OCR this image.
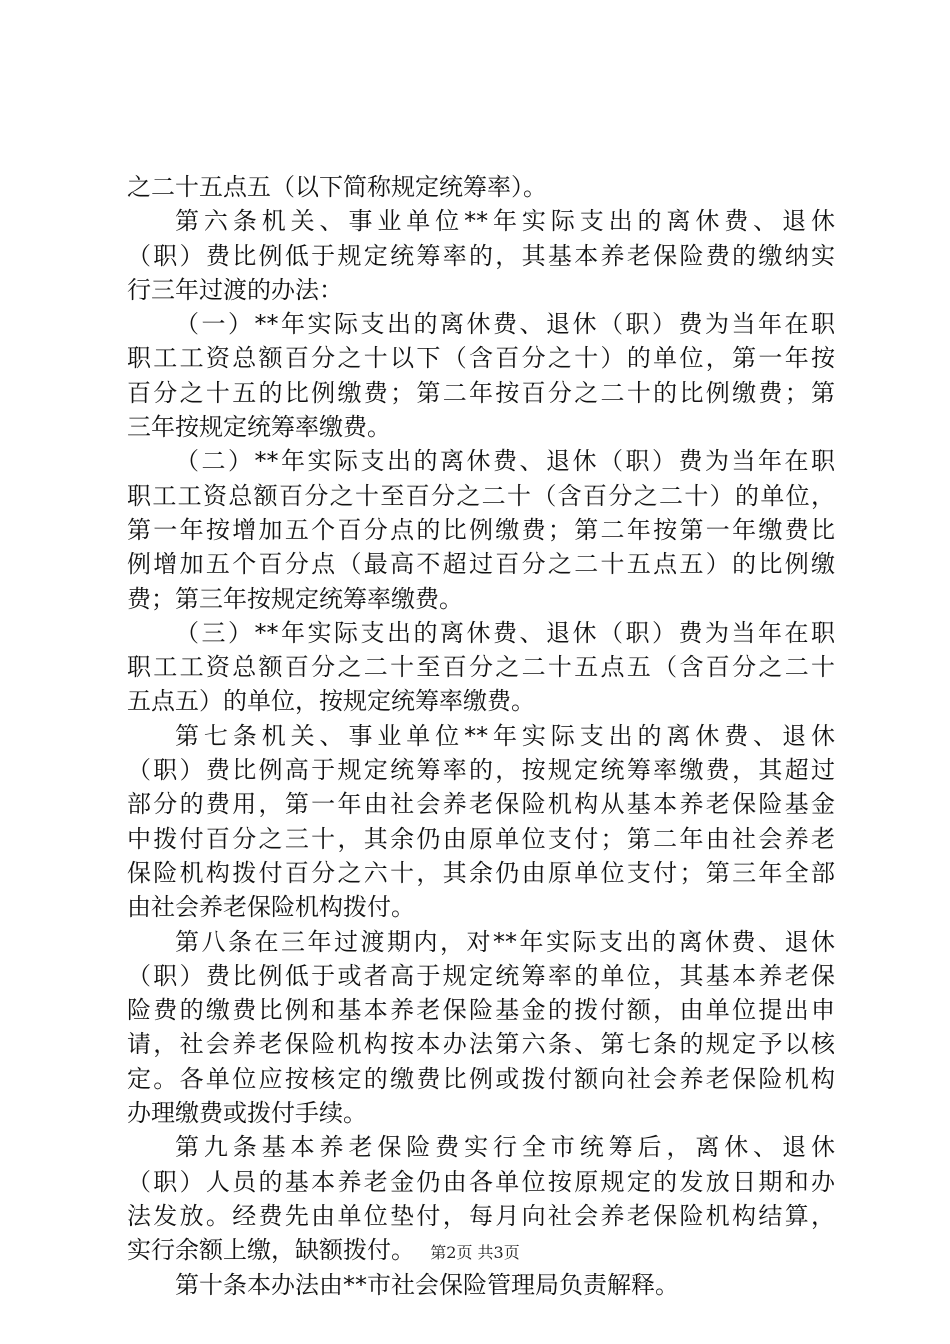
之二十五点五（以下简称规定统筹率）。
第六条机关、事业单位**年实际支出的离休费、退休
（职）费比例低于规定统筹率的，其基本养老保险费的缴纳实
行三年过渡的办法：
（一）**年实际支出的离休费、退休（职）费为当年在职
职工工资总额百分之十以下（含百分之十）的单位，第一年按
百分之十五的比例缴费；第二年按百分之二十的比例缴费；第
三年按规定统筹率缴费。
（二）**年实际支出的离休费、退休（职）费为当年在职
职工工资总额百分之十至百分之二十（含百分之二十）的单位，
第一年按增加五个百分点的比例缴费；第二年按第一年缴费比
例增加五个百分点（最高不超过百分之二十五点五）的比例缴
费；第三年按规定统筹率缴费。
（三）**年实际支出的离休费、退休（职）费为当年在职
职工工资总额百分之二十至百分之二十五点五（含百分之二十
五点五）的单位，按规定统筹率缴费。
第七条机关、事业单位**年实际支出的离休费、退休
（职）费比例高于规定统筹率的，按规定统筹率缴费，其超过
部分的费用，第一年由社会养老保险机构从基本养老保险基金
中拨付百分之三十，其余仍由原单位支付；第二年由社会养老
保险机构拨付百分之六十，其余仍由原单位支付；第三年全部
由社会养老保险机构拨付。
第八条在三年过渡期内，对**年实际支出的离休费、退休
（职）费比例低于或者高于规定统筹率的单位，其基本养老保
险费的缴费比例和基本养老保险基金的拨付额，由单位提出申
请，社会养老保险机构按本办法第六条、第七条的规定予以核
定。各单位应按核定的缴费比例或拨付额向社会养老保险机构
办理缴费或拨付手续。
第九条基本养老保险费实行全市统筹后，离休、退休
（职）人员的基本养老金仍由各单位按原规定的发放日期和办
法发放。经费先由单位垫付，每月向社会养老保险机构结算，
实行余额上缴，缺额拨付。
第十条本办法由**市社会保险管理局负责解释。
第2页 共3页
